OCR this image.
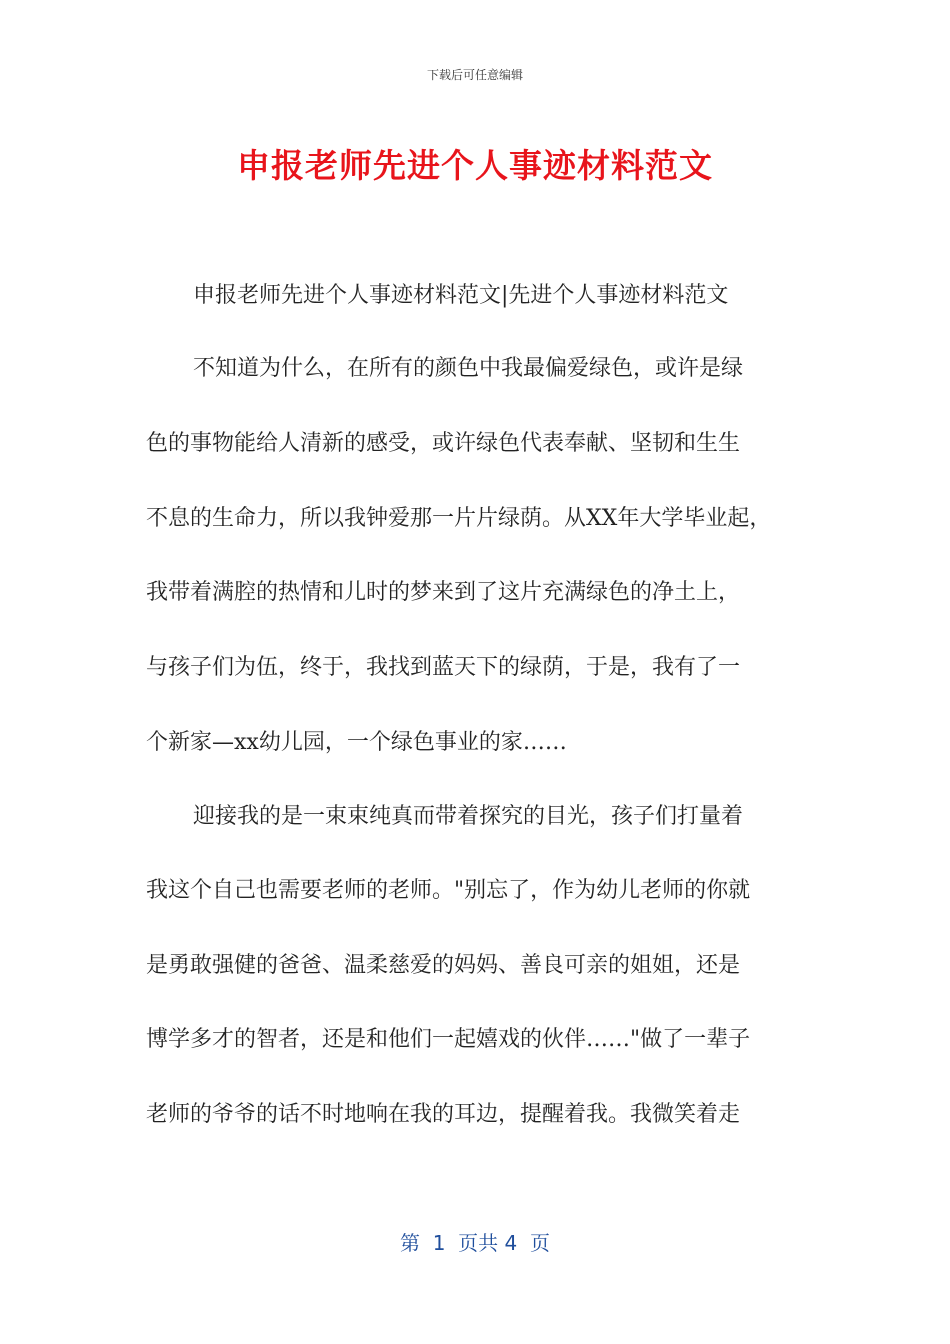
下载后可任意编辑
申报老师先进个人事迹材料范文
申报老师先进个人事迹材料范文|先进个人事迹材料范文
不知道为什么，在所有的颜色中我最偏爱绿色，或许是绿
色的事物能给人清新的感受，或许绿色代表奉献、坚韧和生生
不息的生命力，所以我钟爱那一片片绿荫。从XX年大学毕业起，
我带着满腔的热情和儿时的梦来到了这片充满绿色的净土上，
与孩子们为伍，终于，我找到蓝天下的绿荫，于是，我有了一
个新家—xx幼儿园，一个绿色事业的家……
迎接我的是一束束纯真而带着探究的目光，孩子们打量着
我这个自己也需要老师的老师。"别忘了，作为幼儿老师的你就
是勇敢强健的爸爸、温柔慈爱的妈妈、善良可亲的姐姐，还是
博学多才的智者，还是和他们一起嬉戏的伙伴……"做了一辈子
老师的爷爷的话不时地响在我的耳边，提醒着我。我微笑着走
第  1  页共 4  页
